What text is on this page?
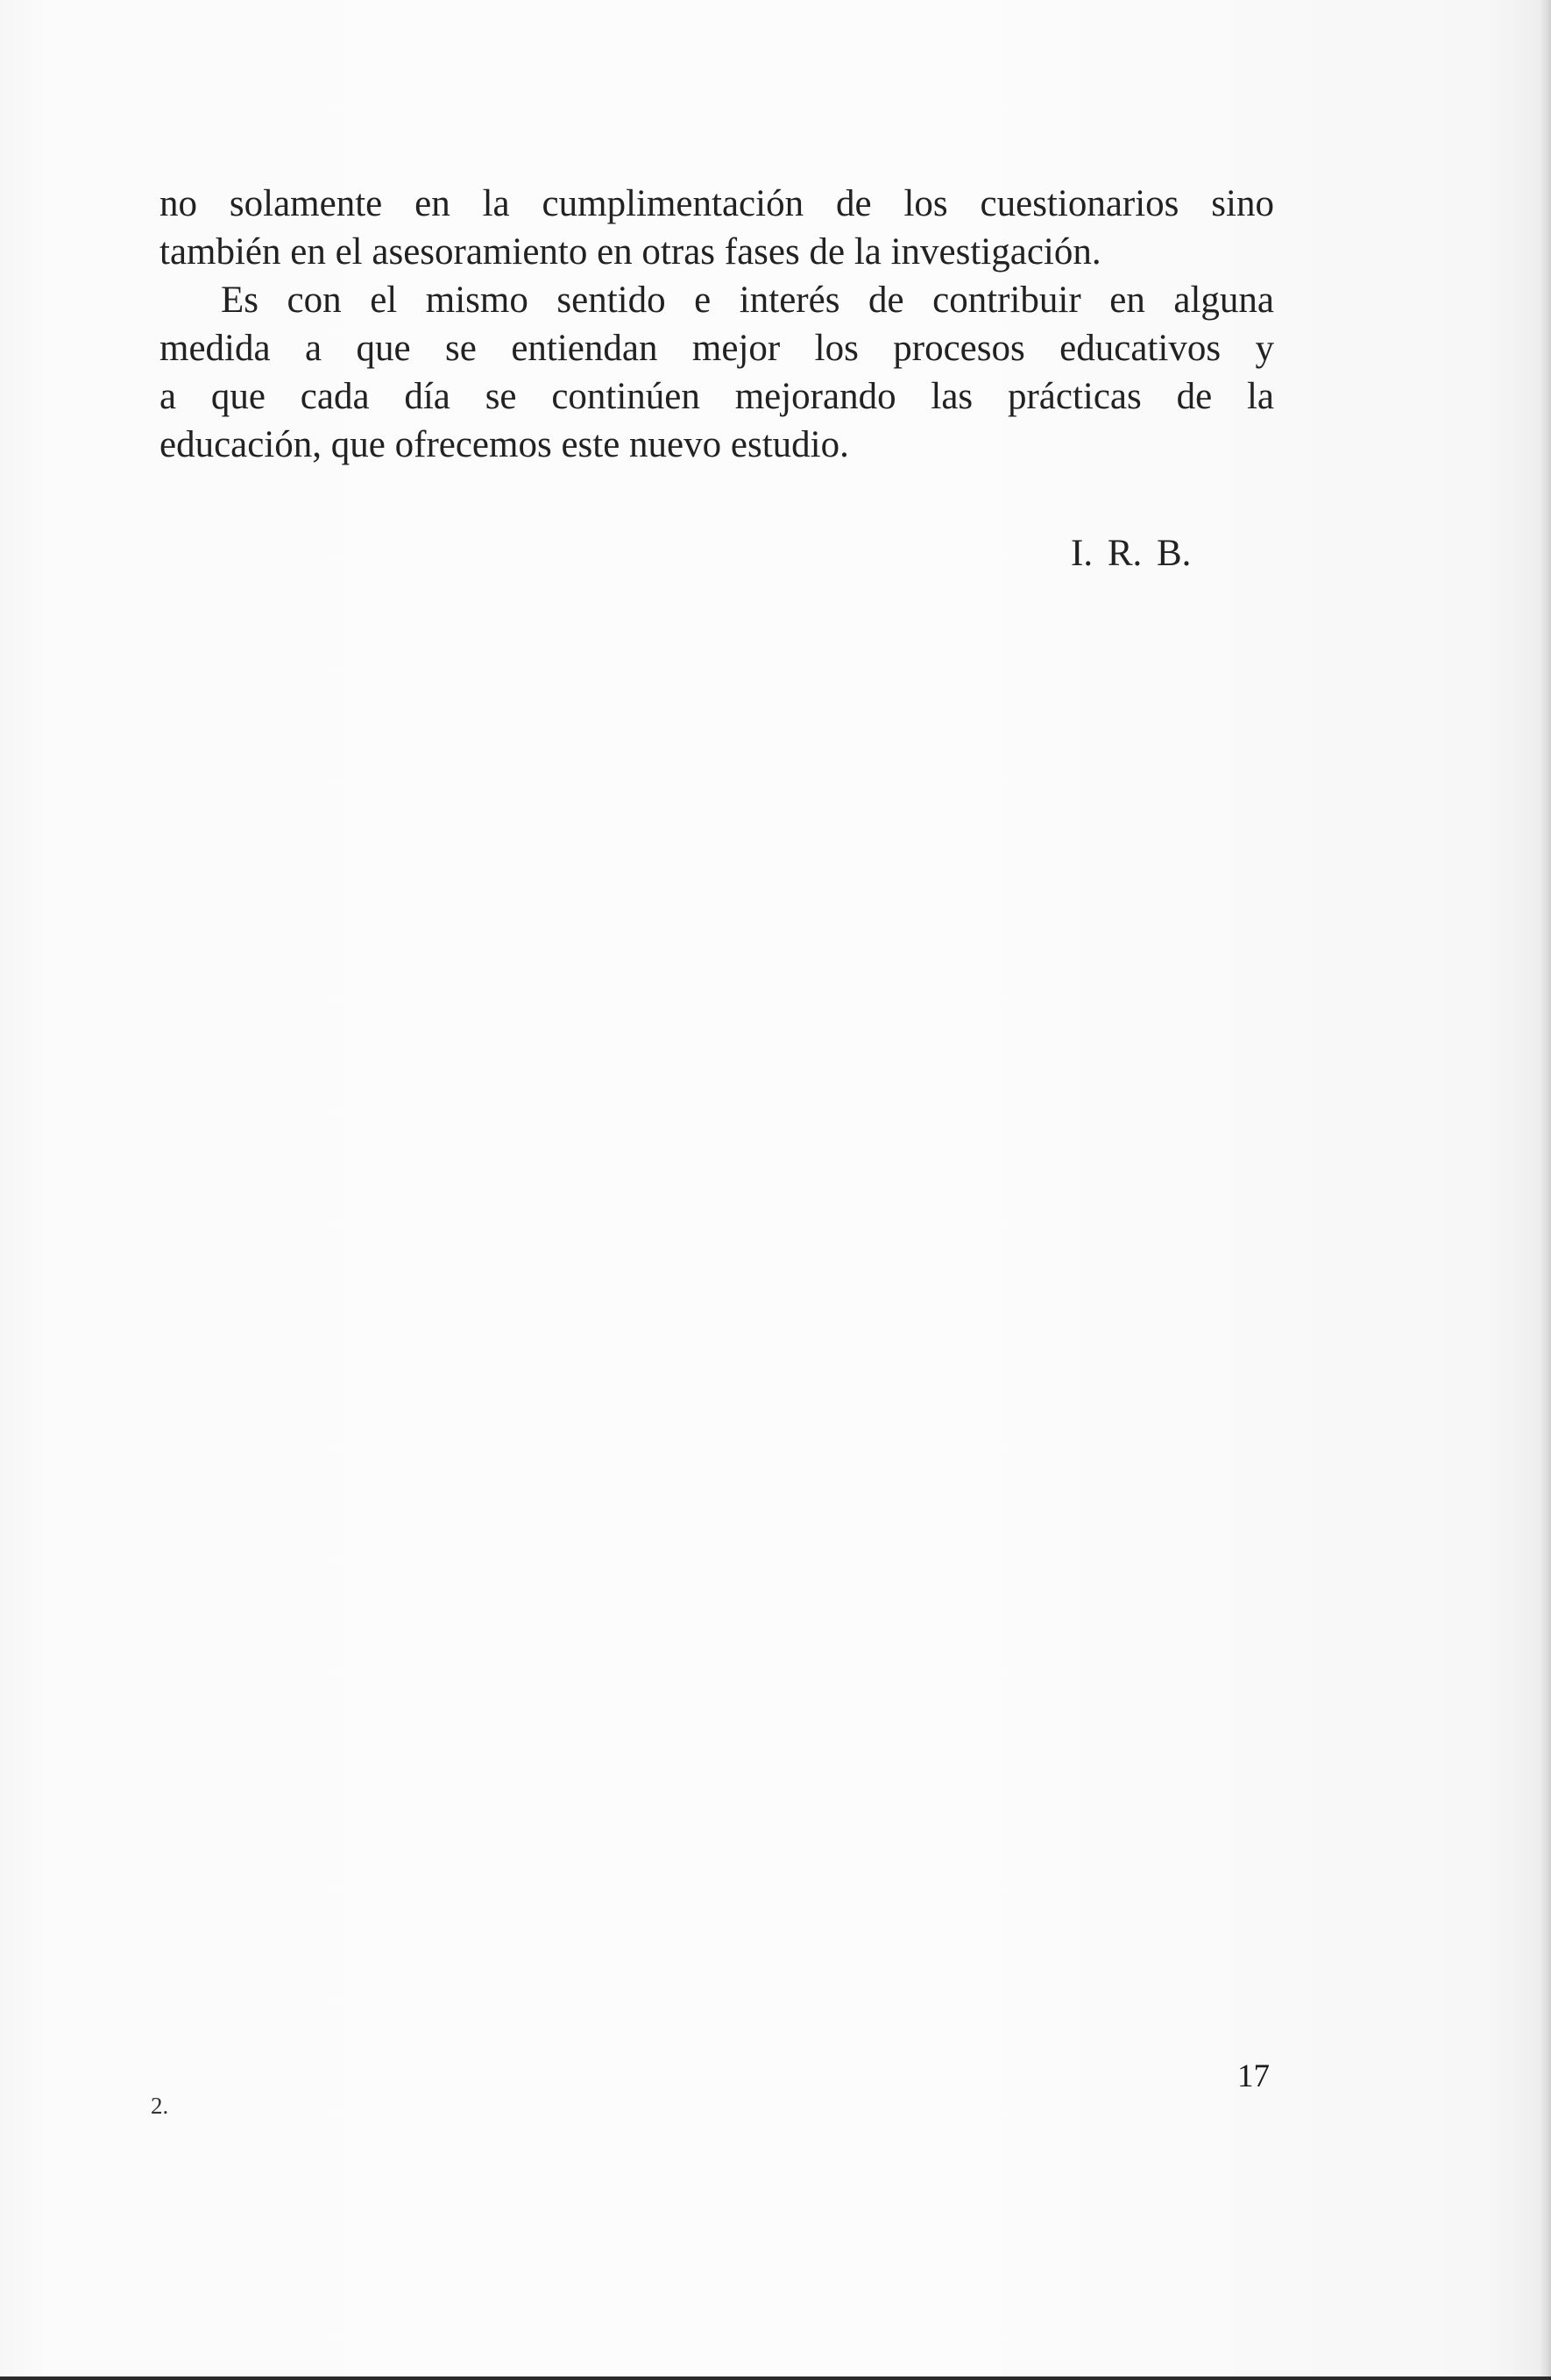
no solamente en la cumplimentación de los cuestionarios sino

también en el asesoramiento en otras fases de la investigación.

Es con el mismo sentido e interés de contribuir en alguna

medida a que se entiendan mejor los procesos educativos y

a que cada día se continúen mejorando las prácticas de la

educación, que ofrecemos este nuevo estudio.

I. R. B.
17
2.
